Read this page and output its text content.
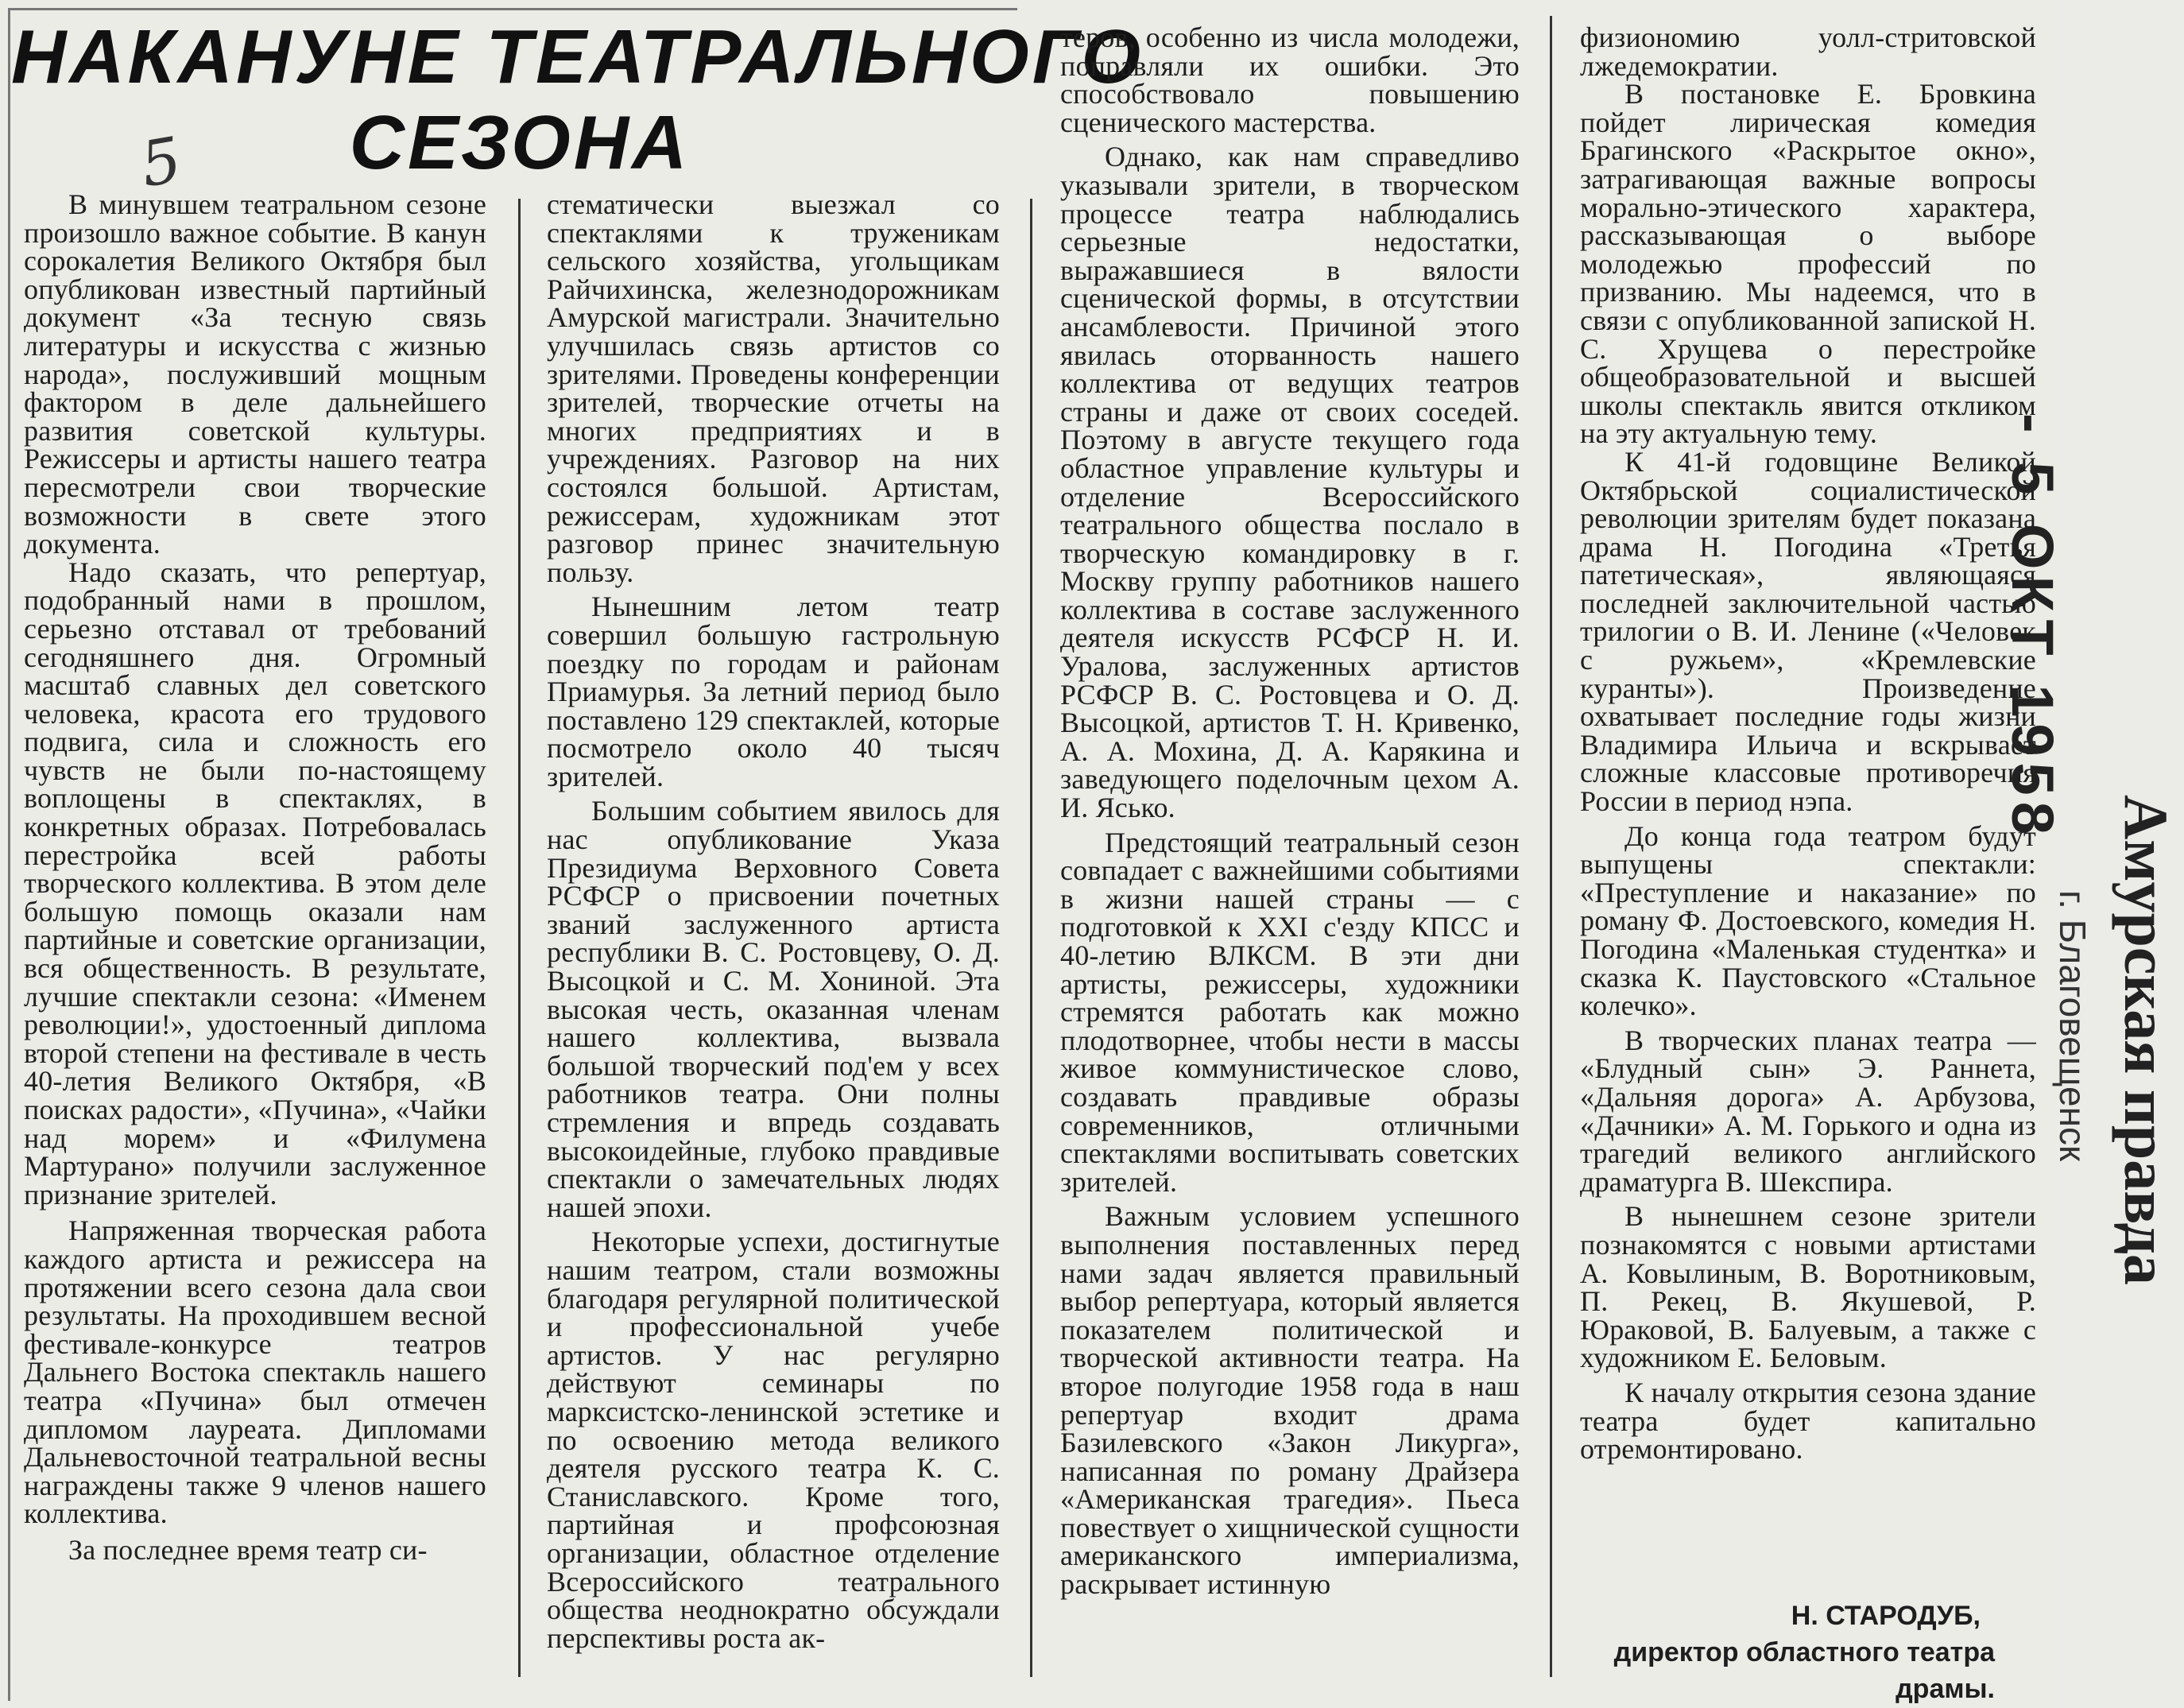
НАКАНУНЕ ТЕАТРАЛЬНОГО
СЕЗОНА
5

В минувшем театральном сезоне произошло важное событие. В канун сорокалетия Великого Октября был опубликован известный партийный документ «За тесную связь литературы и искусства с жизнью народа», послуживший мощным фактором в деле дальнейшего развития советской культуры. Режиссеры и артисты нашего театра пересмотрели свои творческие возможности в свете этого документа.

Надо сказать, что репертуар, подобранный нами в прошлом, серьезно отставал от требований сегодняшнего дня. Огромный масштаб славных дел советского человека, красота его трудового подвига, сила и сложность его чувств не были по-настоящему воплощены в спектаклях, в конкретных образах. Потребовалась перестройка всей работы творческого коллектива. В этом деле большую помощь оказали нам партийные и советские организации, вся общественность. В результате, лучшие спектакли сезона: «Именем революции!», удостоенный диплома второй степени на фестивале в честь 40-летия Великого Октября, «В поисках радости», «Пучина», «Чайки над морем» и «Филумена Мартурано» получили заслуженное признание зрителей.

Напряженная творческая работа каждого артиста и режиссера на протяжении всего сезона дала свои результаты. На проходившем весной фестивале-конкурсе театров Дальнего Востока спектакль нашего театра «Пучина» был отмечен дипломом лауреата. Дипломами Дальневосточной театральной весны награждены также 9 членов нашего коллектива.

За последнее время театр си-

стематически выезжал со спектаклями к труженикам сельского хозяйства, угольщикам Райчихинска, железнодорожникам Амурской магистрали. Значительно улучшилась связь артистов со зрителями. Проведены конференции зрителей, творческие отчеты на многих предприятиях и в учреждениях. Разговор на них состоялся большой. Артистам, режиссерам, художникам этот разговор принес значительную пользу.

Нынешним летом театр совершил большую гастрольную поездку по городам и районам Приамурья. За летний период было поставлено 129 спектаклей, которые посмотрело около 40 тысяч зрителей.

Большим событием явилось для нас опубликование Указа Президиума Верховного Совета РСФСР о присвоении почетных званий заслуженного артиста республики В. С. Ростовцеву, О. Д. Высоцкой и С. М. Хониной. Эта высокая честь, оказанная членам нашего коллектива, вызвала большой творческий под'ем у всех работников театра. Они полны стремления и впредь создавать высокоидейные, глубоко правдивые спектакли о замечательных людях нашей эпохи.

Некоторые успехи, достигнутые нашим театром, стали возможны благодаря регулярной политической и профессиональной учебе артистов. У нас регулярно действуют семинары по марксистско-ленинской эстетике и по освоению метода великого деятеля русского театра К. С. Станиславского. Кроме того, партийная и профсоюзная организации, областное отделение Всероссийского театрального общества неоднократно обсуждали перспективы роста ак-

теров, особенно из числа молодежи, поправляли их ошибки. Это способствовало повышению сценического мастерства.

Однако, как нам справедливо указывали зрители, в творческом процессе театра наблюдались серьезные недостатки, выражавшиеся в вялости сценической формы, в отсутствии ансамблевости. Причиной этого явилась оторванность нашего коллектива от ведущих театров страны и даже от своих соседей. Поэтому в августе текущего года областное управление культуры и отделение Всероссийского театрального общества послало в творческую командировку в г. Москву группу работников нашего коллектива в составе заслуженного деятеля искусств РСФСР Н. И. Уралова, заслуженных артистов РСФСР В. С. Ростовцева и О. Д. Высоцкой, артистов Т. Н. Кривенко, А. А. Мохина, Д. А. Карякина и заведующего поделочным цехом А. И. Ясько.

Предстоящий театральный сезон совпадает с важнейшими событиями в жизни нашей страны — с подготовкой к XXI с'езду КПСС и 40-летию ВЛКСМ. В эти дни артисты, режиссеры, художники стремятся работать как можно плодотворнее, чтобы нести в массы живое коммунистическое слово, создавать правдивые образы современников, отличными спектаклями воспитывать советских зрителей.

Важным условием успешного выполнения поставленных перед нами задач является правильный выбор репертуара, который является показателем политической и творческой активности театра. На второе полугодие 1958 года в наш репертуар входит драма Базилевского «Закон Ликурга», написанная по роману Драйзера «Американская трагедия». Пьеса повествует о хищнической сущности американского империализма, раскрывает истинную

физиономию уолл-стритовской лжедемократии.

В постановке Е. Бровкина пойдет лирическая комедия Брагинского «Раскрытое окно», затрагивающая важные вопросы морально-этического характера, рассказывающая о выборе молодежью профессий по призванию. Мы надеемся, что в связи с опубликованной запиской Н. С. Хрущева о перестройке общеобразовательной и высшей школы спектакль явится откликом на эту актуальную тему.

К 41-й годовщине Великой Октябрьской социалистической революции зрителям будет показана драма Н. Погодина «Третья патетическая», являющаяся последней заключительной частью трилогии о В. И. Ленине («Человек с ружьем», «Кремлевские куранты»). Произведение охватывает последние годы жизни Владимира Ильича и вскрывает сложные классовые противоречия России в период нэпа.

До конца года театром будут выпущены спектакли: «Преступление и наказание» по роману Ф. Достоевского, комедия Н. Погодина «Маленькая студентка» и сказка К. Паустовского «Стальное колечко».

В творческих планах театра — «Блудный сын» Э. Раннета, «Дальняя дорога» А. Арбузова, «Дачники» А. М. Горького и одна из трагедий великого английского драматурга В. Шекспира.

В нынешнем сезоне зрители познакомятся с новыми артистами А. Ковылиным, В. Воротниковым, П. Рекец, В. Якушевой, Р. Юраковой, В. Балуевым, а также с художником Е. Беловым.

К началу открытия сезона здание театра будет капитально отремонтировано.

Н. СТАРОДУБ,
директор областного театра
драмы.
- 5 ОКТ 1958
Амурская правда
г. Благовещенск
